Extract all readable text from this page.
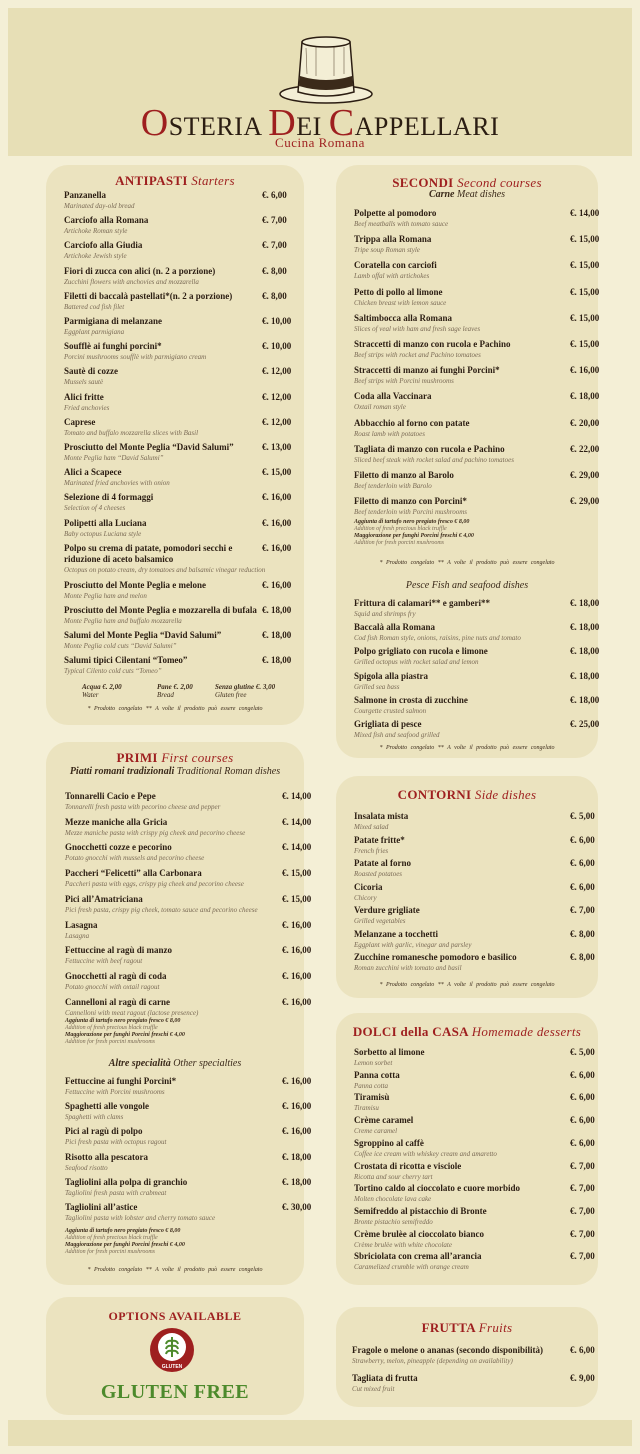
OSTERIA DEI CAPPELLARI
Cucina Romana
ANTIPASTI Starters
Panzanella
Marinated day-old bread
€. 6,00
Carciofo alla Romana
Artichoke Roman style
€. 7,00
Carciofo alla Giudia
Artichoke Jewish style
€. 7,00
Fiori di zucca con alici (n. 2 a porzione)
Zucchini flowers with anchovies and mozzarella
€. 8,00
Filetti di baccalà pastellati*(n. 2 a porzione)
Battered cod fish filet
€. 8,00
Parmigiana di melanzane
Eggplant parmigiana
€. 10,00
Soufflè ai funghi porcini*
Porcini mushrooms soufflè with parmigiano cream
€. 10,00
Sautè di cozze
Mussels sautè
€. 12,00
Alici fritte
Fried anchovies
€. 12,00
Caprese
Tomato and buffalo mozzarella slices with Basil
€. 12,00
Prosciutto del Monte Peglia “David Salumi”
Monte Peglia ham “David Salumi”
€. 13,00
Alici a Scapece
Marinated fried anchovies with onion
€. 15,00
Selezione di 4 formaggi
Selection of 4 cheeses
€. 16,00
Polipetti alla Luciana
Baby octopus Luciana style
€. 16,00
Polpo su crema di patate, pomodori secchi e
riduzione di aceto balsamico
Octopus on potato cream, dry tomatoes and balsamic vinegar reduction
€. 16,00
Prosciutto del Monte Peglia e melone
Monte Peglia ham and melon
€. 16,00
Prosciutto del Monte Peglia e mozzarella di bufala
Monte Peglia ham and buffalo mozzarella
€. 18,00
Salumi del Monte Peglia “David Salumi”
Monte Peglia cold cuts “David Salumi”
€. 18,00
Salumi tipici Cilentani “Tomeo”
Typical Cilento cold cuts “Tomeo”
€. 18,00
Acqua €. 2,00
Water
Pane €. 2,00
Bread
Senza glutine €. 3,00
Gluten free
* Prodotto congelato ** A volte il prodotto può essere congelato
SECONDI Second courses
Carne Meat dishes
Pesce Fish and seafood dishes
Polpette al pomodoro
Beef meatballs with tomato sauce
€. 14,00
Trippa alla Romana
Tripe soup Roman style
€. 15,00
Coratella con carciofi
Lamb offal with artichokes
€. 15,00
Petto di pollo al limone
Chicken breast with lemon sauce
€. 15,00
Saltimbocca alla Romana
Slices of veal with ham and fresh sage leaves
€. 15,00
Straccetti di manzo con rucola e Pachino
Beef strips with rocket and Pachino tomatoes
€. 15,00
Straccetti di manzo ai funghi Porcini*
Beef strips with Porcini mushrooms
€. 16,00
Coda alla Vaccinara
Oxtail roman style
€. 18,00
Abbacchio al forno con patate
Roast lamb with potatoes
€. 20,00
Tagliata di manzo con rucola e Pachino
Sliced beef steak with rocket salad and pachino tomatoes
€. 22,00
Filetto di manzo al Barolo
Beef tenderloin with Barolo
€. 29,00
Filetto di manzo con Porcini*
Beef tenderloin with Porcini mushrooms
€. 29,00
Aggiunta di tartufo nero pregiato fresco € 8,00
Addition of fresh precious black truffle
Maggiorazione per funghi Porcini freschi € 4,00
Addition for fresh porcini mushrooms
* Prodotto congelato ** A volte il prodotto può essere congelato
Frittura di calamari** e gamberi**
Squid and shrimps fry
€. 18,00
Baccalà alla Romana
Cod fish Roman style, onions, raisins, pine nuts and tomato
€. 18,00
Polpo grigliato con rucola e limone
Grilled octopus with rocket salad and lemon
€. 18,00
Spigola alla piastra
Grilled sea bass
€. 18,00
Salmone in crosta di zucchine
Courgette crusted salmon
€. 18,00
Grigliata di pesce
Mixed fish and seafood grilled
€. 25,00
* Prodotto congelato ** A volte il prodotto può essere congelato
PRIMI First courses
Piatti romani tradizionali Traditional Roman dishes
Altre specialità Other specialties
Tonnarelli Cacio e Pepe
Tonnarelli fresh pasta with pecorino cheese and pepper
€. 14,00
Mezze maniche alla Gricia
Mezze maniche pasta with crispy pig cheek and pecorino cheese
€. 14,00
Gnocchetti cozze e pecorino
Potato gnocchi with mussels and pecorino cheese
€. 14,00
Paccheri “Felicetti” alla Carbonara
Paccheri pasta with eggs, crispy pig cheek and pecorino cheese
€. 15,00
Pici all’Amatriciana
Pici fresh pasta, crispy pig cheek, tomato sauce and pecorino cheese
€. 15,00
Lasagna
Lasagna
€. 16,00
Fettuccine al ragù di manzo
Fettuccine with beef ragout
€. 16,00
Gnocchetti al ragù di coda
Potato gnocchi with oxtail ragout
€. 16,00
Cannelloni al ragù di carne
Cannelloni with meat ragout (lactose presence)
€. 16,00
Aggiunta di tartufo nero pregiato fresco € 8,00
Addition of fresh precious black truffle
Maggiorazione per funghi Porcini freschi € 4,00
Addition for fresh porcini mushrooms
Fettuccine ai funghi Porcini*
Fettuccine with Porcini mushrooms
€. 16,00
Spaghetti alle vongole
Spaghetti with clams
€. 16,00
Pici al ragù di polpo
Pici fresh pasta with octopus ragout
€. 16,00
Risotto alla pescatora
Seafood risotto
€. 18,00
Tagliolini alla polpa di granchio
Tagliolini fresh pasta with crabmeat
€. 18,00
Tagliolini all’astice
Tagliolini pasta with lobster and cherry tomato sauce
€. 30,00
Aggiunta di tartufo nero pregiato fresco € 8,00
Addition of fresh precious black truffle
Maggiorazione per funghi Porcini freschi € 4,00
Addition for fresh porcini mushrooms
* Prodotto congelato ** A volte il prodotto può essere congelato
CONTORNI Side dishes
Insalata mista
Mixed salad
€. 5,00
Patate fritte*
French fries
€. 6,00
Patate al forno
Roasted potatoes
€. 6,00
Cicoria
Chicory
€. 6,00
Verdure grigliate
Grilled vegetables
€. 7,00
Melanzane a tocchetti
Eggplant with garlic, vinegar and parsley
€. 8,00
Zucchine romanesche pomodoro e basilico
Roman zucchini with tomato and basil
€. 8,00
* Prodotto congelato ** A volte il prodotto può essere congelato
DOLCI della CASA Homemade desserts
Sorbetto al limone
Lemon sorbet
€. 5,00
Panna cotta
Panna cotta
€. 6,00
Tiramisù
Tiramisu
€. 6,00
Crème caramel
Creme caramel
€. 6,00
Sgroppino al caffè
Coffee ice cream with whiskey cream and amaretto
€. 6,00
Crostata di ricotta e visciole
Ricotta and sour cherry tart
€. 7,00
Tortino caldo al cioccolato e cuore morbido
Molten chocolate lava cake
€. 7,00
Semifreddo al pistacchio di Bronte
Bronte pistachio semifreddo
€. 7,00
Crème brulèe al cioccolato bianco
Crème brulèe with white chocolate
€. 7,00
Sbriciolata con crema all’arancia
Caramelized crumble with orange cream
€. 7,00
OPTIONS AVAILABLE
GLUTEN
GLUTEN FREE
FRUTTA Fruits
Fragole o melone o ananas (secondo disponibilità)
Strawberry, melon, pineapple (depending on availability)
€. 6,00
Tagliata di frutta
Cut mixed fruit
€. 9,00
